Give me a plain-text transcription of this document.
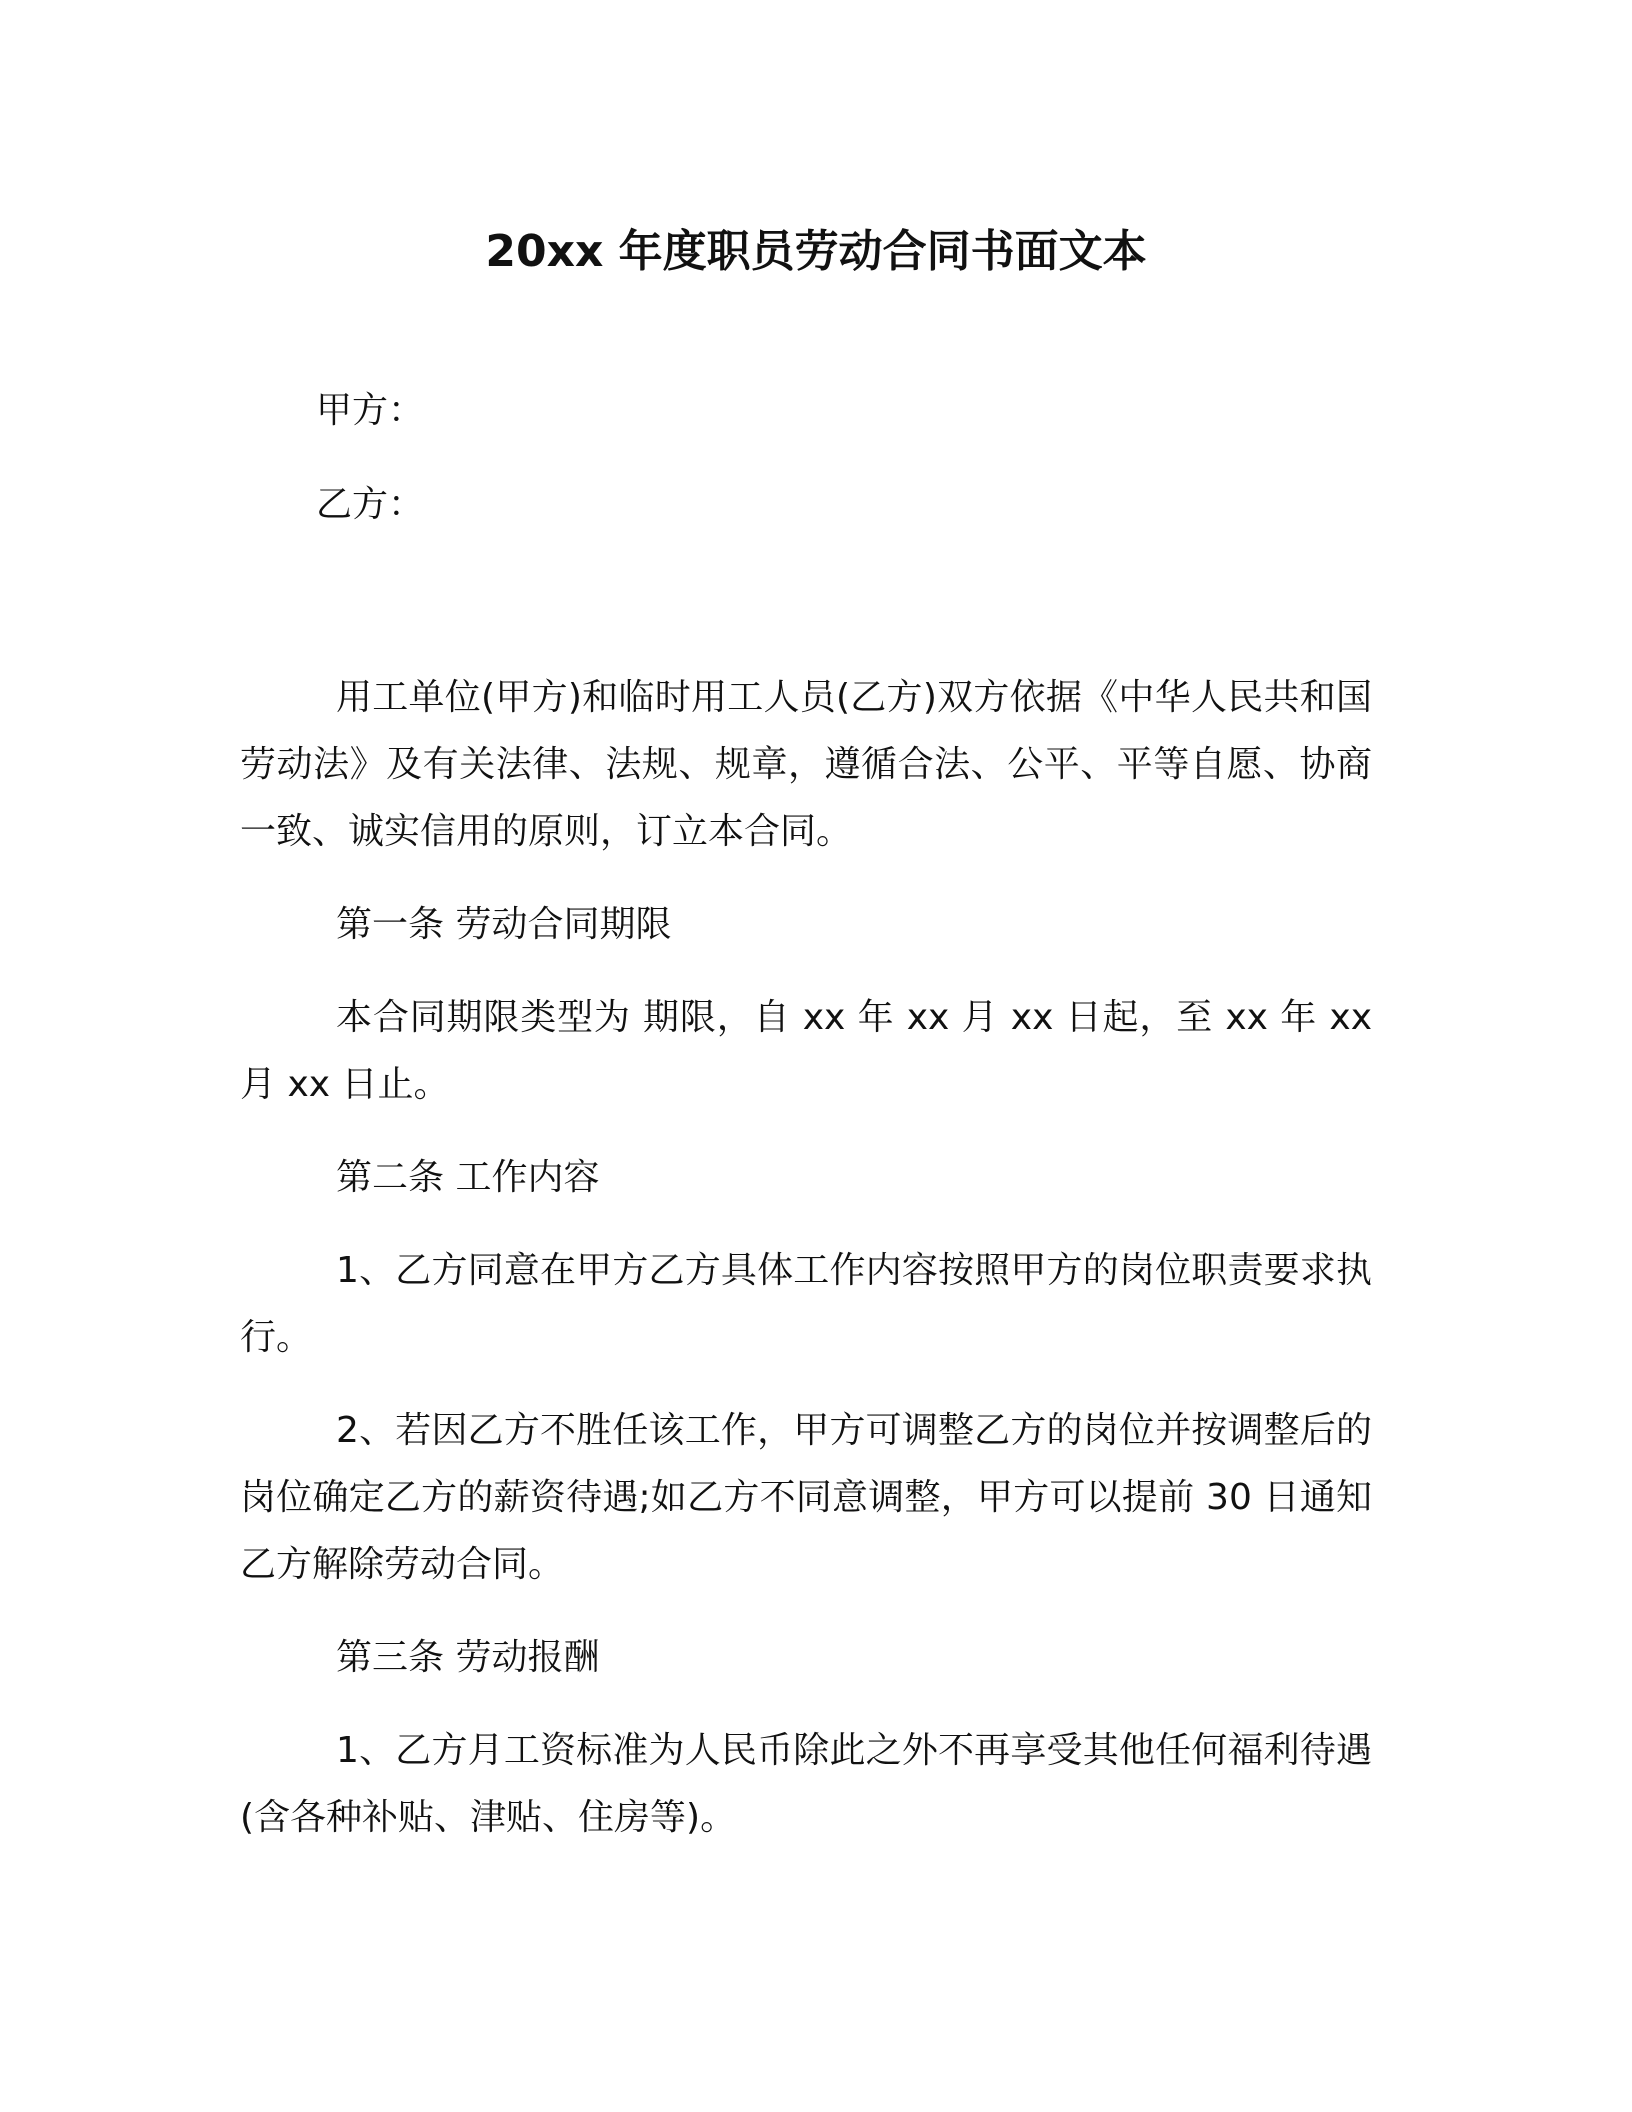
20xx 年度职员劳动合同书面文本

甲方：

乙方：

用工单位(甲方)和临时用工人员(乙方)双方依据《中华人民共和国劳动法》及有关法律、法规、规章，遵循合法、公平、平等自愿、协商一致、诚实信用的原则，订立本合同。

第一条 劳动合同期限

本合同期限类型为 期限，自 xx 年 xx 月 xx 日起，至 xx 年 xx 月 xx 日止。

第二条 工作内容

1、乙方同意在甲方乙方具体工作内容按照甲方的岗位职责要求执行。

2、若因乙方不胜任该工作，甲方可调整乙方的岗位并按调整后的岗位确定乙方的薪资待遇;如乙方不同意调整，甲方可以提前 30 日通知乙方解除劳动合同。

第三条 劳动报酬

1、乙方月工资标准为人民币除此之外不再享受其他任何福利待遇(含各种补贴、津贴、住房等)。
